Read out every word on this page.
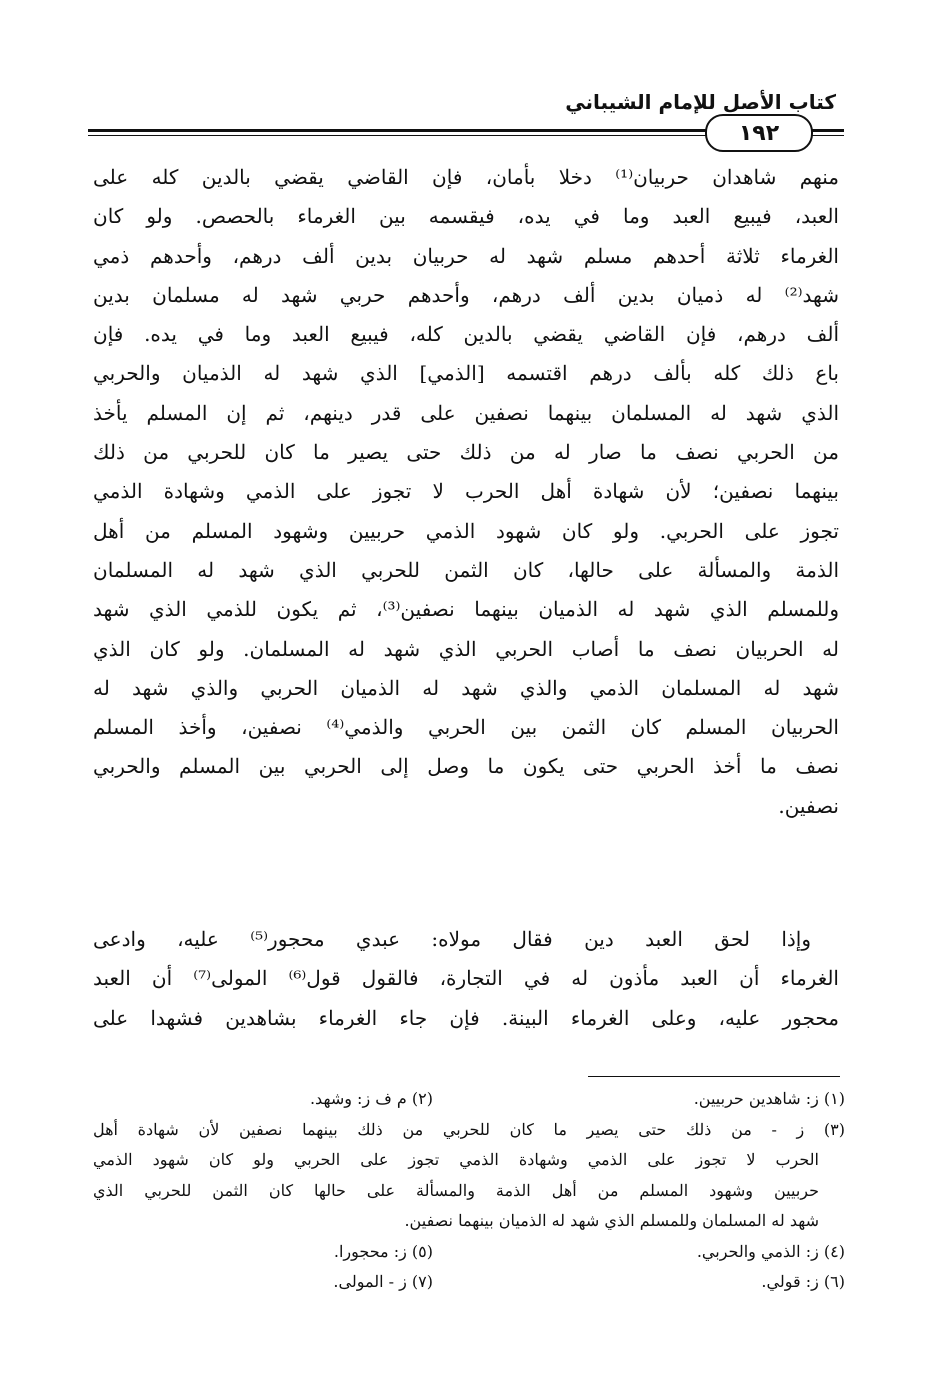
كتاب الأصل للإمام الشيباني
١٩٢
منهم شاهدان حربيان⁽¹⁾ دخلا بأمان، فإن القاضي يقضي بالدين كله على
العبد، فيبيع العبد وما في يده، فيقسمه بين الغرماء بالحصص. ولو كان
الغرماء ثلاثة أحدهم مسلم شهد له حربيان بدين ألف درهم، وأحدهم ذمي
شهد⁽²⁾ له ذميان بدين ألف درهم، وأحدهم حربي شهد له مسلمان بدين
ألف درهم، فإن القاضي يقضي بالدين كله، فيبيع العبد وما في يده. فإن
باع ذلك كله بألف درهم اقتسمه [الذمي] الذي شهد له الذميان والحربي
الذي شهد له المسلمان بينهما نصفين على قدر دينهم، ثم إن المسلم يأخذ
من الحربي نصف ما صار له من ذلك حتى يصير ما كان للحربي من ذلك
بينهما نصفين؛ لأن شهادة أهل الحرب لا تجوز على الذمي وشهادة الذمي
تجوز على الحربي. ولو كان شهود الذمي حربيين وشهود المسلم من أهل
الذمة والمسألة على حالها، كان الثمن للحربي الذي شهد له المسلمان
وللمسلم الذي شهد له الذميان بينهما نصفين⁽³⁾، ثم يكون للذمي الذي شهد
له الحربيان نصف ما أصاب الحربي الذي شهد له المسلمان. ولو كان الذي
شهد له المسلمان الذمي والذي شهد له الذميان الحربي والذي شهد له
الحربيان المسلم كان الثمن بين الحربي والذمي⁽⁴⁾ نصفين، وأخذ المسلم
نصف ما أخذ الحربي حتى يكون ما وصل إلى الحربي بين المسلم والحربي
نصفين.
وإذا لحق العبد دين فقال مولاه: عبدي محجور⁽⁵⁾ عليه، وادعى
الغرماء أن العبد مأذون له في التجارة، فالقول قول⁽⁶⁾ المولى⁽⁷⁾ أن العبد
محجور عليه، وعلى الغرماء البينة. فإن جاء الغرماء بشاهدين فشهدا على
(١) ز: شاهدين حربيين.
(٢) م ف ز: وشهد.
(٣) ز - من ذلك حتى يصير ما كان للحربي من ذلك بينهما نصفين لأن شهادة أهل
الحرب لا تجوز على الذمي وشهادة الذمي تجوز على الحربي ولو كان شهود الذمي
حربيين وشهود المسلم من أهل الذمة والمسألة على حالها كان الثمن للحربي الذي
شهد له المسلمان وللمسلم الذي شهد له الذميان بينهما نصفين.
(٤) ز: الذمي والحربي.
(٥) ز: محجورا.
(٦) ز: قولي.
(٧) ز - المولى.
